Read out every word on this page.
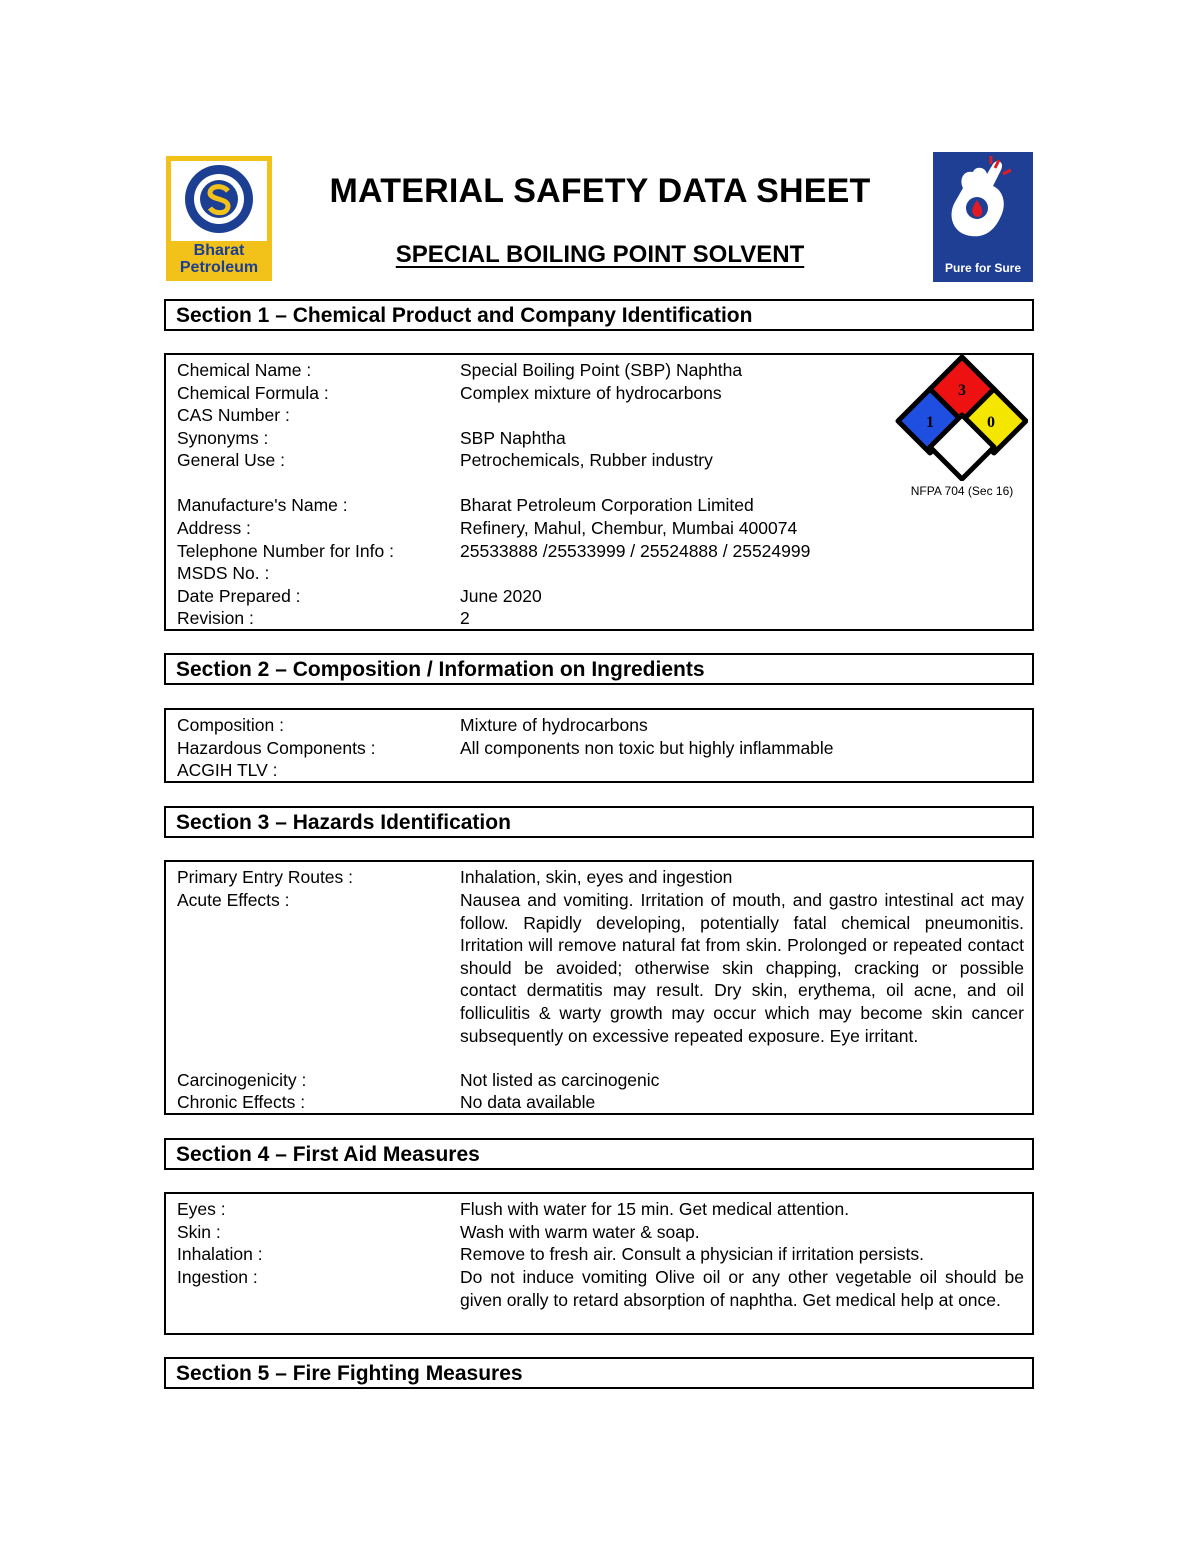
Bharat
Petroleum	Pure for Sure
MATERIAL SAFETY DATA SHEET
SPECIAL BOILING POINT SOLVENT
Section 1 – Chemical Product and Company Identification
Chemical Name :	Special Boiling Point (SBP) Naphtha
Chemical Formula :	Complex mixture of hydrocarbons
CAS Number :
Synonyms :	SBP Naphtha
General Use :	Petrochemicals, Rubber industry
Manufacture's Name :	Bharat Petroleum Corporation Limited
Address :	Refinery, Mahul, Chembur, Mumbai 400074
Telephone Number for Info :	25533888 /25533999 / 25524888 / 25524999
MSDS No. :
Date Prepared :	June 2020
Revision :	2
3
1	0
NFPA 704 (Sec 16)
Section 2 – Composition / Information on Ingredients
Composition :	Mixture of hydrocarbons
Hazardous Components :	All components non toxic but highly inflammable
ACGIH TLV :
Section 3 – Hazards Identification
Primary Entry Routes :	Inhalation, skin, eyes and ingestion
Acute Effects :	Nausea and vomiting. Irritation of mouth, and gastro intestinal act may follow. Rapidly developing, potentially fatal chemical pneumonitis. Irritation will remove natural fat from skin. Prolonged or repeated contact should be avoided; otherwise skin chapping, cracking or possible contact dermatitis may result. Dry skin, erythema, oil acne, and oil folliculitis & warty growth may occur which may become skin cancer subsequently on excessive repeated exposure. Eye irritant.
Carcinogenicity :	Not listed as carcinogenic
Chronic Effects :	No data available
Section 4 – First Aid Measures
Eyes :	Flush with water for 15 min. Get medical attention.
Skin :	Wash with warm water & soap.
Inhalation :	Remove to fresh air. Consult a physician if irritation persists.
Ingestion :	Do not induce vomiting Olive oil or any other vegetable oil should be given orally to retard absorption of naphtha. Get medical help at once.
Section 5 – Fire Fighting Measures
